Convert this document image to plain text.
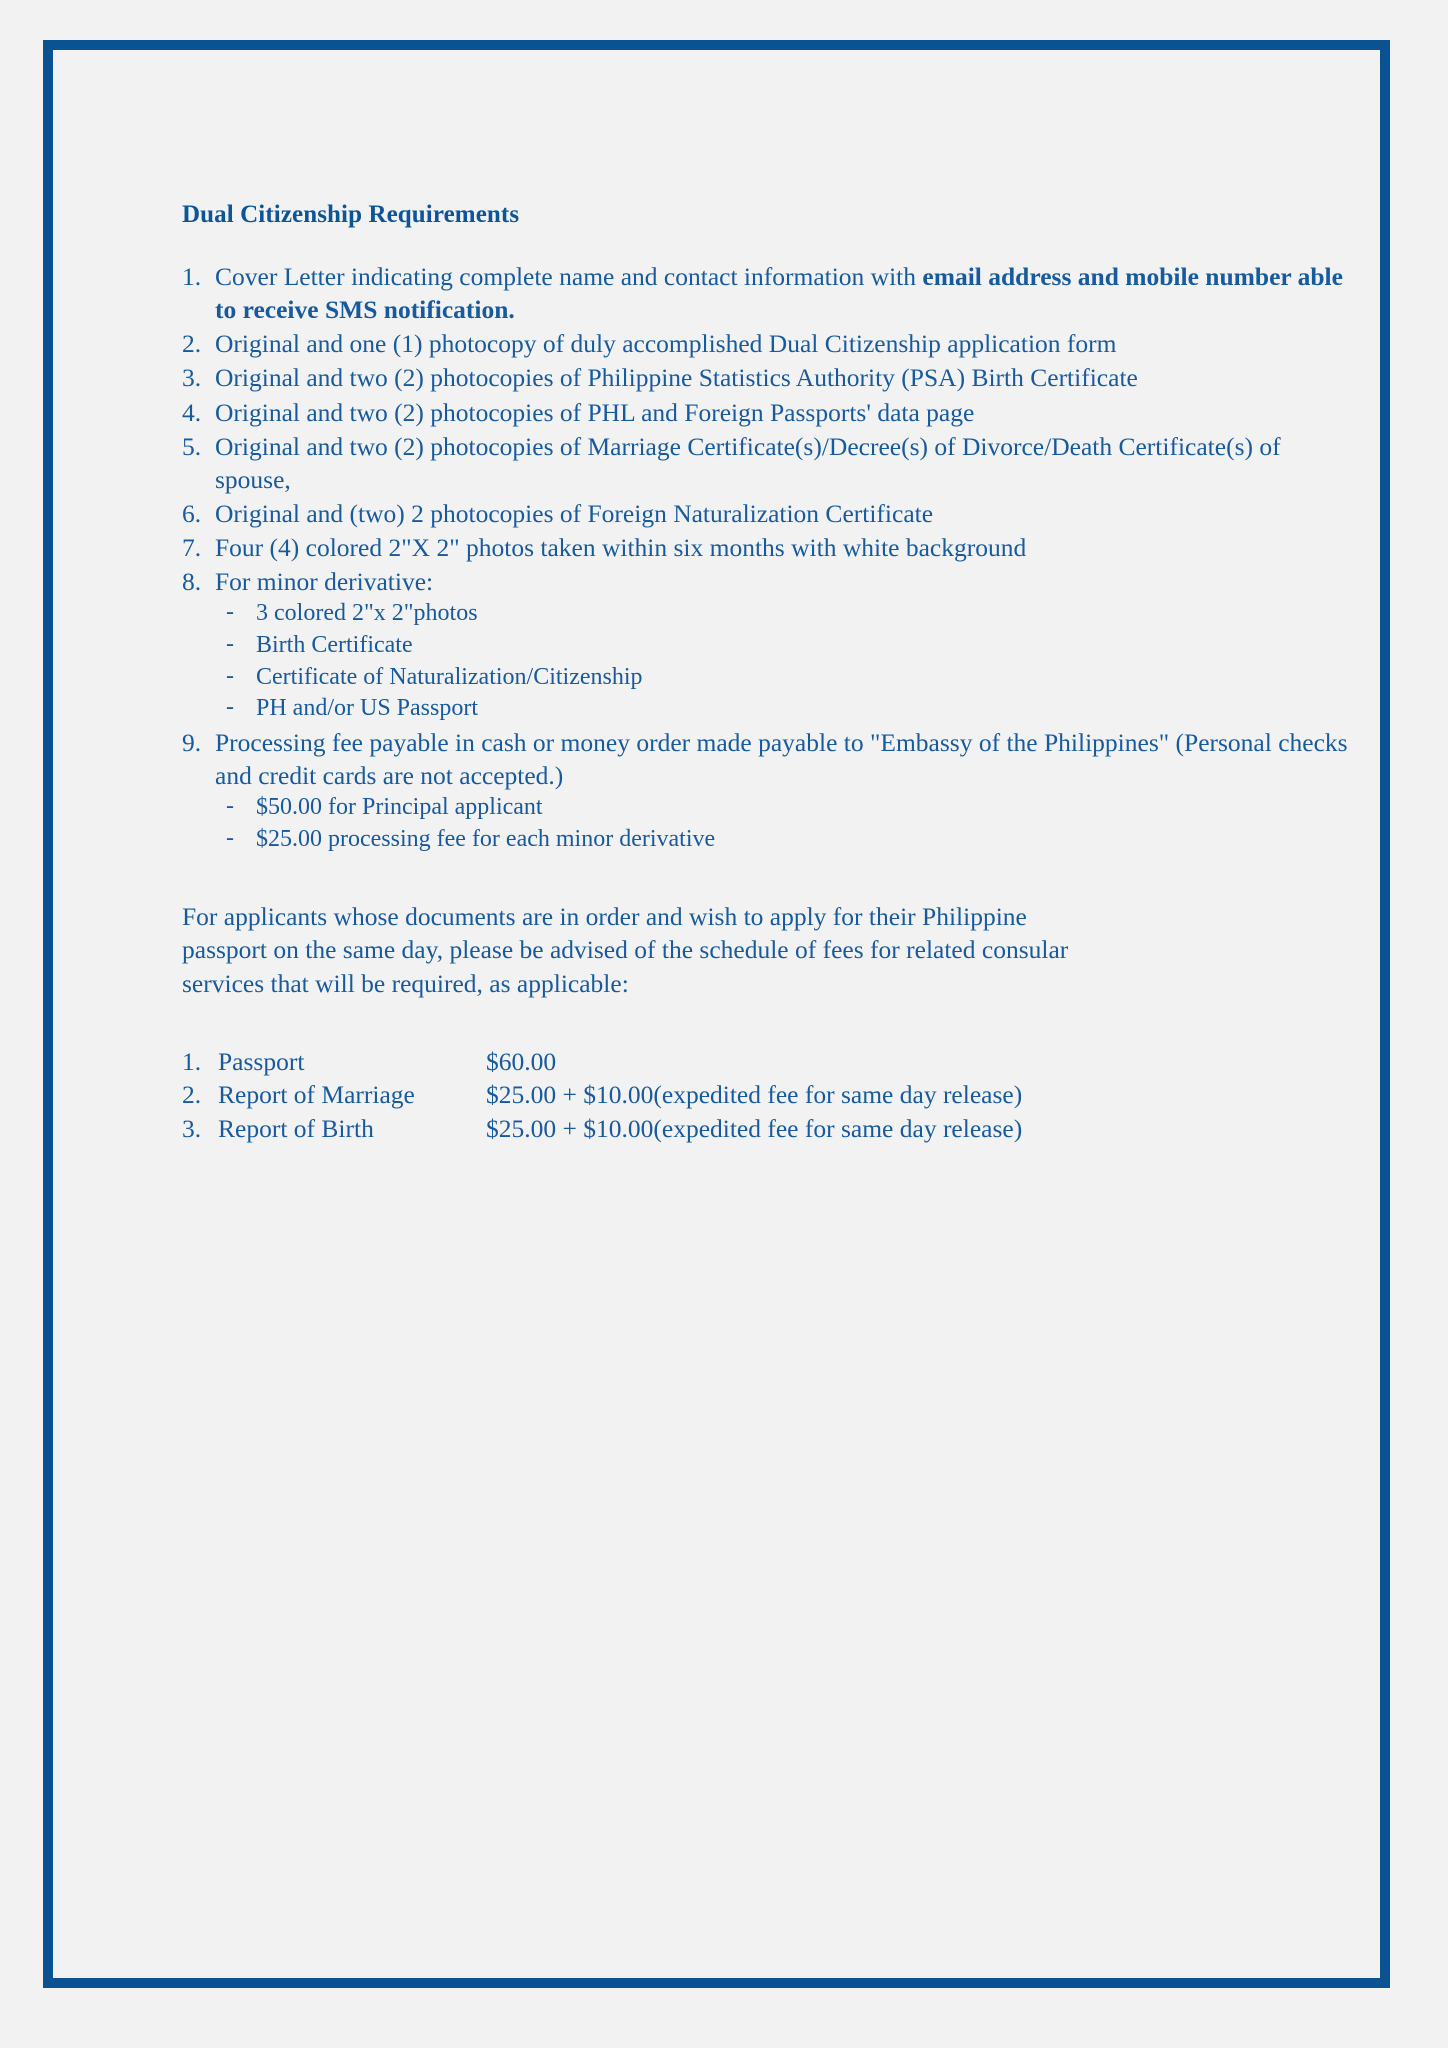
Dual Citizenship Requirements
1. Cover Letter indicating complete name and contact information with email address and mobile number able to receive SMS notification.
2. Original and one (1) photocopy of duly accomplished Dual Citizenship application form
3. Original and two (2) photocopies of Philippine Statistics Authority (PSA) Birth Certificate
4. Original and two (2) photocopies of PHL and Foreign Passports' data page
5. Original and two (2) photocopies of Marriage Certificate(s)/Decree(s) of Divorce/Death Certificate(s) of spouse,
6. Original and (two) 2 photocopies of Foreign Naturalization Certificate
7. Four (4) colored 2"X 2" photos taken within six months with white background
8. For minor derivative:
- 3 colored 2"x 2"photos
- Birth Certificate
- Certificate of Naturalization/Citizenship
- PH and/or US Passport
9. Processing fee payable in cash or money order made payable to "Embassy of the Philippines" (Personal checks and credit cards are not accepted.)
- $50.00 for Principal applicant
- $25.00 processing fee for each minor derivative
For applicants whose documents are in order and wish to apply for their Philippine
passport on the same day, please be advised of the schedule of fees for related consular
services that will be required, as applicable:
1.	Passport	$60.00
2.	Report of Marriage	$25.00 + $10.00(expedited fee for same day release)
3.	Report of Birth	$25.00 + $10.00(expedited fee for same day release)
